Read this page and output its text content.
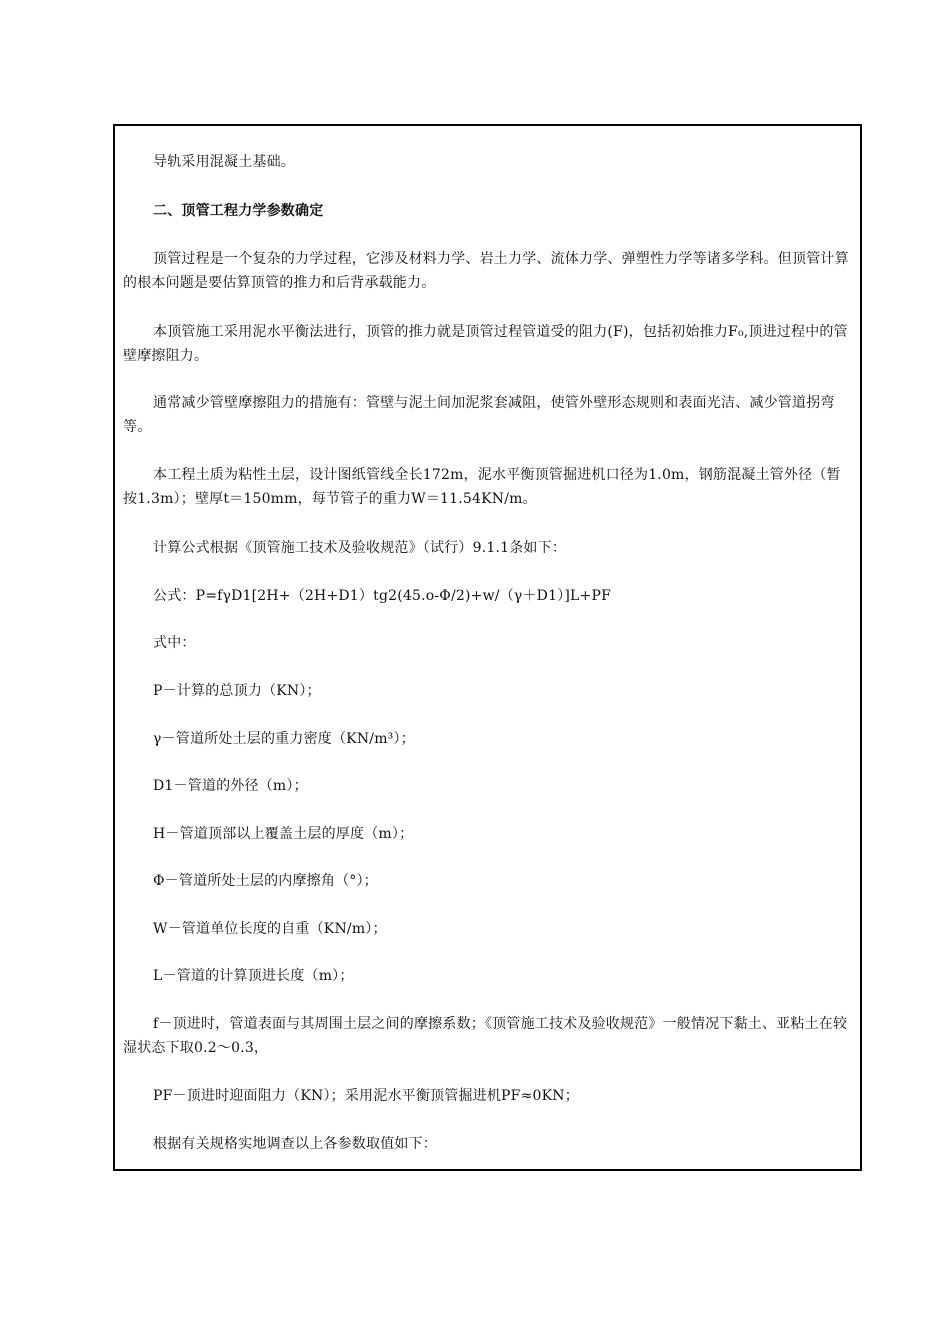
导轨采用混凝土基础。

二、顶管工程力学参数确定

顶管过程是一个复杂的力学过程，它涉及材料力学、岩土力学、流体力学、弹塑性力学等诸多学科。但顶管计算的根本问题是要估算顶管的推力和后背承载能力。

本顶管施工采用泥水平衡法进行，顶管的推力就是顶管过程管道受的阻力(F)，包括初始推力F₀,顶进过程中的管壁摩擦阻力。

通常减少管壁摩擦阻力的措施有：管壁与泥土间加泥浆套减阻，使管外壁形态规则和表面光洁、减少管道拐弯等。

本工程土质为粘性土层，设计图纸管线全长172m，泥水平衡顶管掘进机口径为1.0m，钢筋混凝土管外径（暂按1.3m）；壁厚t＝150mm，每节管子的重力W＝11.54KN/m。

计算公式根据《顶管施工技术及验收规范》（试行）9.1.1条如下：

公式：P=fγD1[2H+（2H+D1）tg2(45.o-Φ/2)+w/（γ＋D1）]L+PF

式中：

P－计算的总顶力（KN）；

γ－管道所处土层的重力密度（KN/m³）；

D1－管道的外径（m）；

H－管道顶部以上覆盖土层的厚度（m）；

Φ－管道所处土层的内摩擦角（°）；

W－管道单位长度的自重（KN/m）；

L－管道的计算顶进长度（m）；

f－顶进时，管道表面与其周围土层之间的摩擦系数；《顶管施工技术及验收规范》一般情况下黏土、亚粘土在较湿状态下取0.2～0.3，

PF－顶进时迎面阻力（KN）；采用泥水平衡顶管掘进机PF≈0KN；

根据有关规格实地调查以上各参数取值如下：
